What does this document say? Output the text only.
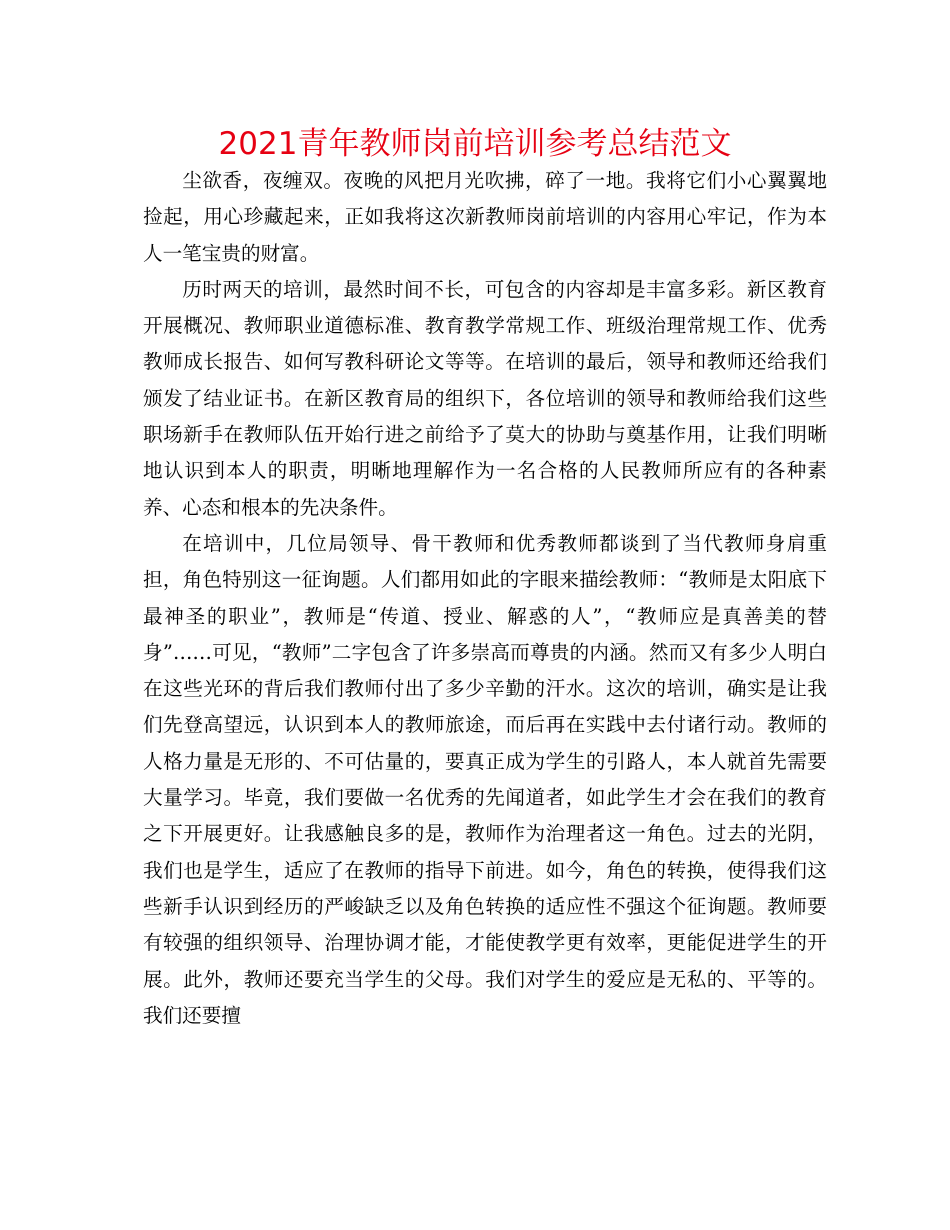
2021青年教师岗前培训参考总结范文

尘欲香，夜缠双。夜晚的风把月光吹拂，碎了一地。我将它们小心翼翼地捡起，用心珍藏起来，正如我将这次新教师岗前培训的内容用心牢记，作为本人一笔宝贵的财富。

历时两天的培训，最然时间不长，可包含的内容却是丰富多彩。新区教育开展概况、教师职业道德标准、教育教学常规工作、班级治理常规工作、优秀教师成长报告、如何写教科研论文等等。在培训的最后，领导和教师还给我们颁发了结业证书。在新区教育局的组织下，各位培训的领导和教师给我们这些职场新手在教师队伍开始行进之前给予了莫大的协助与奠基作用，让我们明晰地认识到本人的职责，明晰地理解作为一名合格的人民教师所应有的各种素养、心态和根本的先决条件。

在培训中，几位局领导、骨干教师和优秀教师都谈到了当代教师身肩重担，角色特别这一征询题。人们都用如此的字眼来描绘教师：“教师是太阳底下最神圣的职业”，教师是“传道、授业、解惑的人”，“教师应是真善美的替身”……可见，“教师”二字包含了许多崇高而尊贵的内涵。然而又有多少人明白在这些光环的背后我们教师付出了多少辛勤的汗水。这次的培训，确实是让我们先登高望远，认识到本人的教师旅途，而后再在实践中去付诸行动。教师的人格力量是无形的、不可估量的，要真正成为学生的引路人，本人就首先需要大量学习。毕竟，我们要做一名优秀的先闻道者，如此学生才会在我们的教育之下开展更好。让我感触良多的是，教师作为治理者这一角色。过去的光阴，我们也是学生，适应了在教师的指导下前进。如今，角色的转换，使得我们这些新手认识到经历的严峻缺乏以及角色转换的适应性不强这个征询题。教师要有较强的组织领导、治理协调才能，才能使教学更有效率，更能促进学生的开展。此外，教师还要充当学生的父母。我们对学生的爱应是无私的、平等的。我们还要擅
